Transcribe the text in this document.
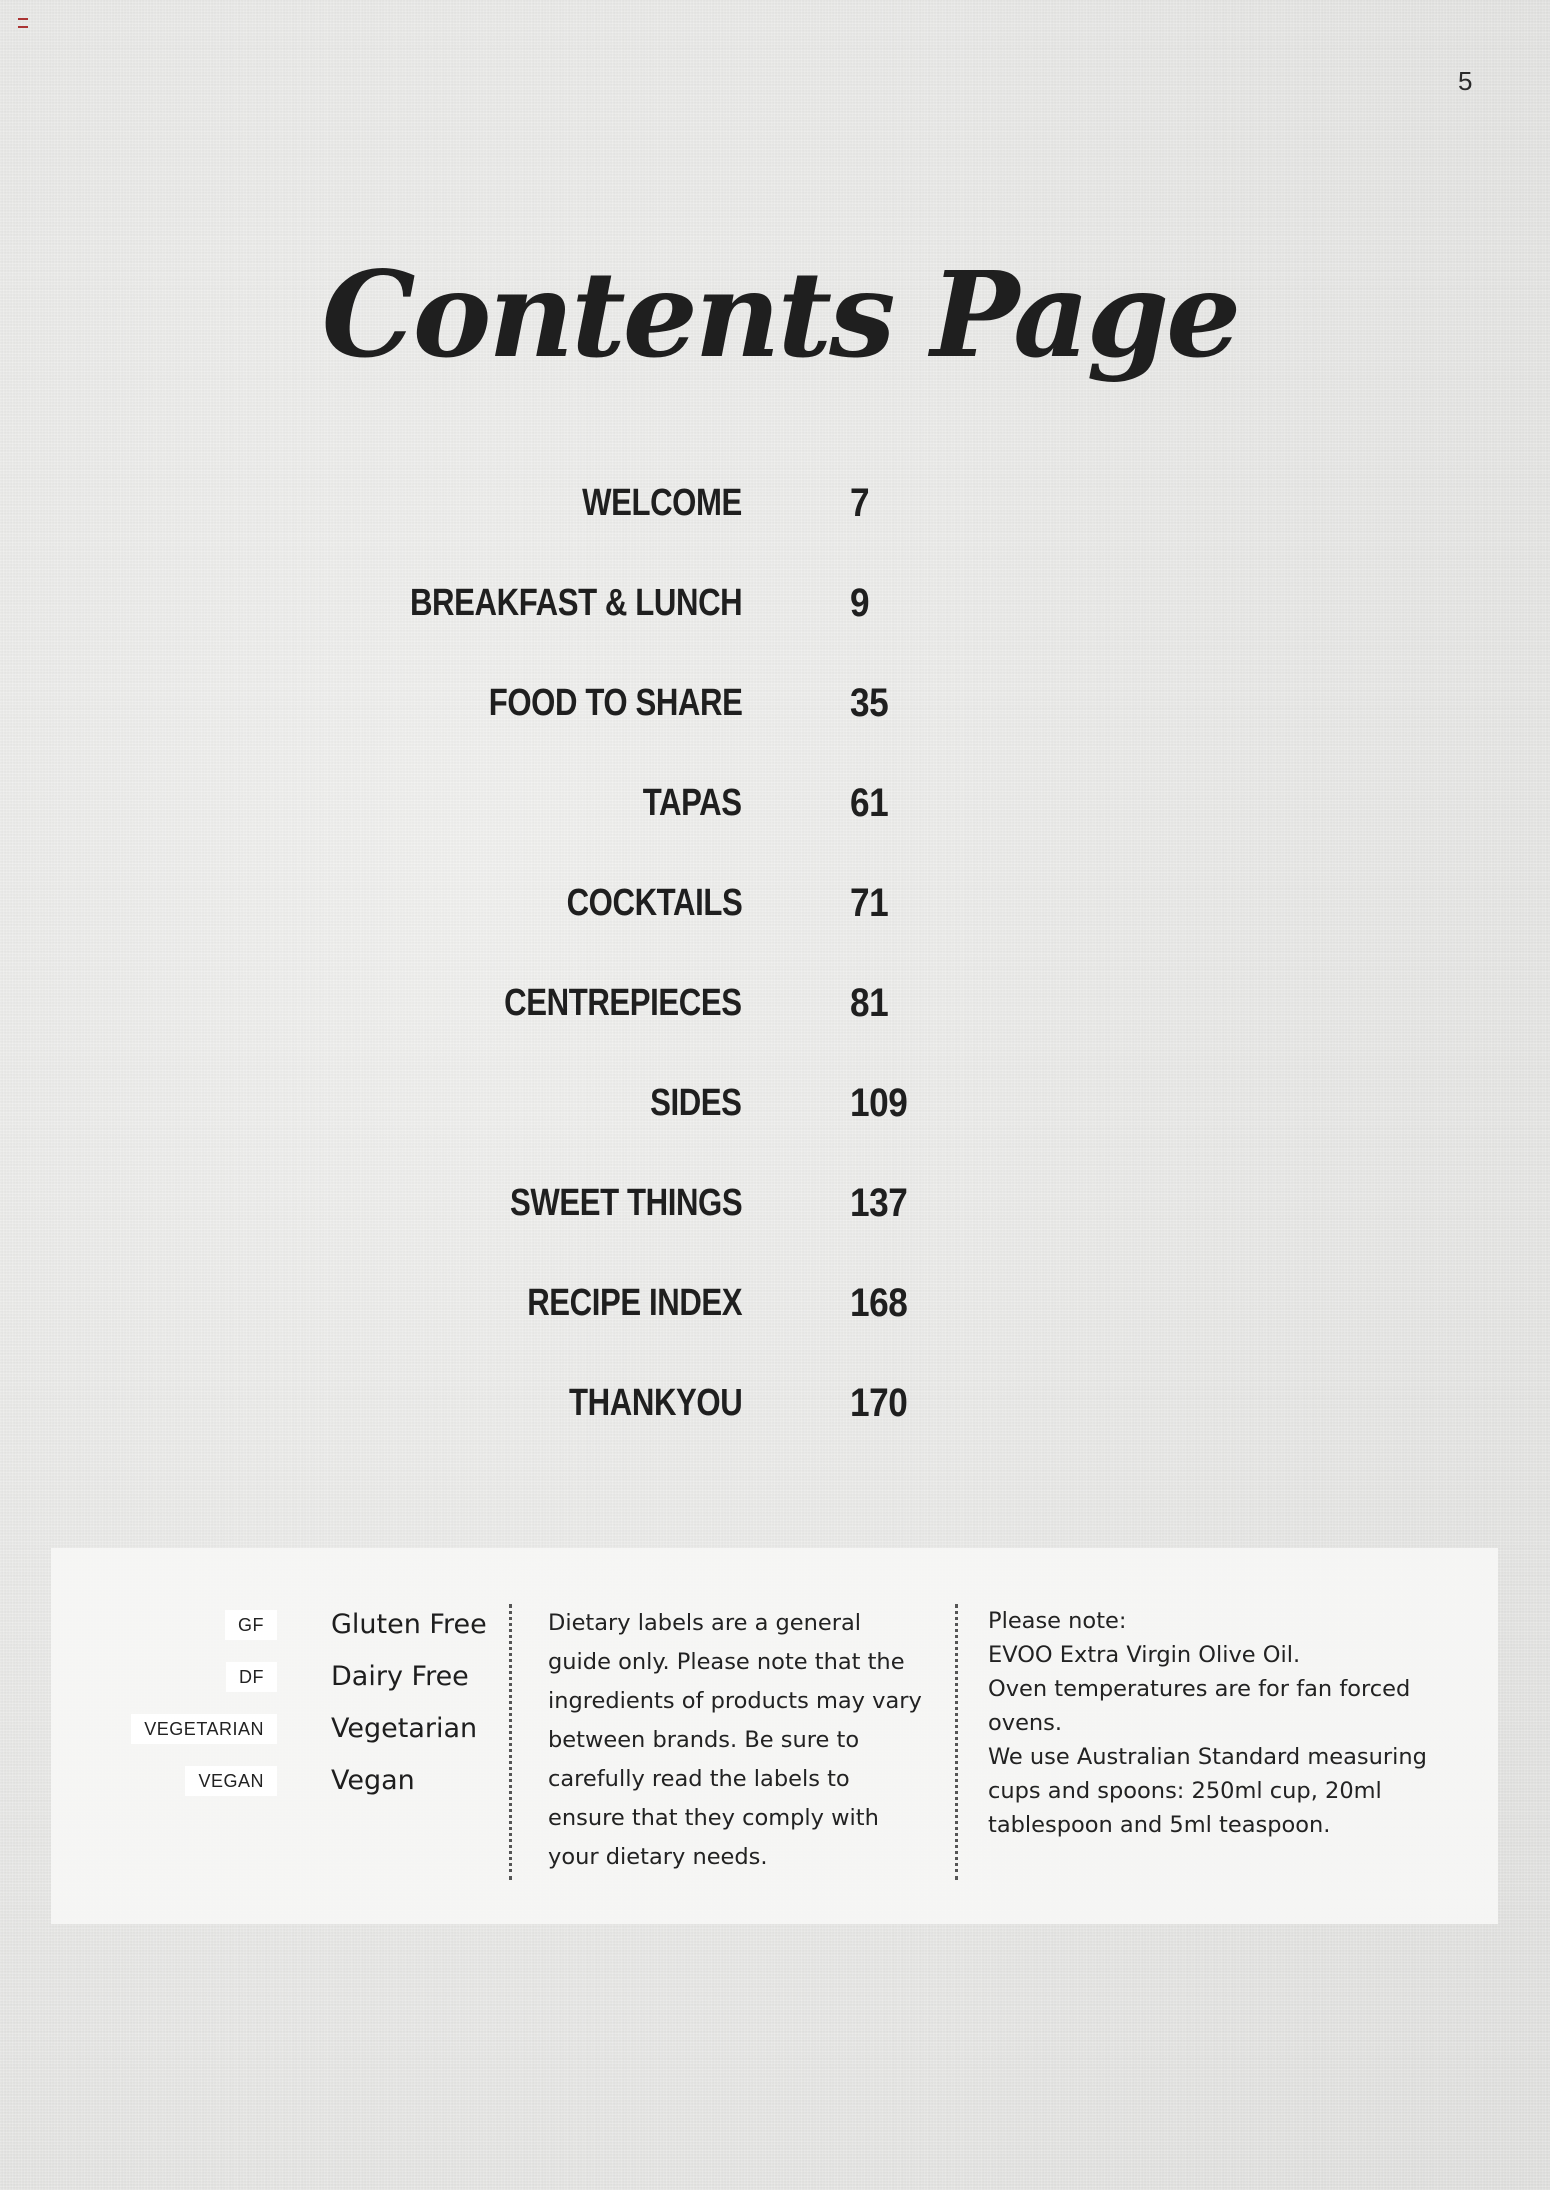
5
Contents Page
WELCOME	7
BREAKFAST & LUNCH	9
FOOD TO SHARE	35
TAPAS	61
COCKTAILS	71
CENTREPIECES	81
SIDES	109
SWEET THINGS	137
RECIPE INDEX	168
THANKYOU	170
GF	Gluten Free
DF	Dairy Free
VEGETARIAN	Vegetarian
VEGAN	Vegan
Dietary labels are a general guide only. Please note that the ingredients of products may vary between brands. Be sure to carefully read the labels to ensure that they comply with your dietary needs.

Please note:

EVOO Extra Virgin Olive Oil.

Oven temperatures are for fan forced ovens.

We use Australian Standard measuring cups and spoons: 250ml cup, 20ml tablespoon and 5ml teaspoon.
